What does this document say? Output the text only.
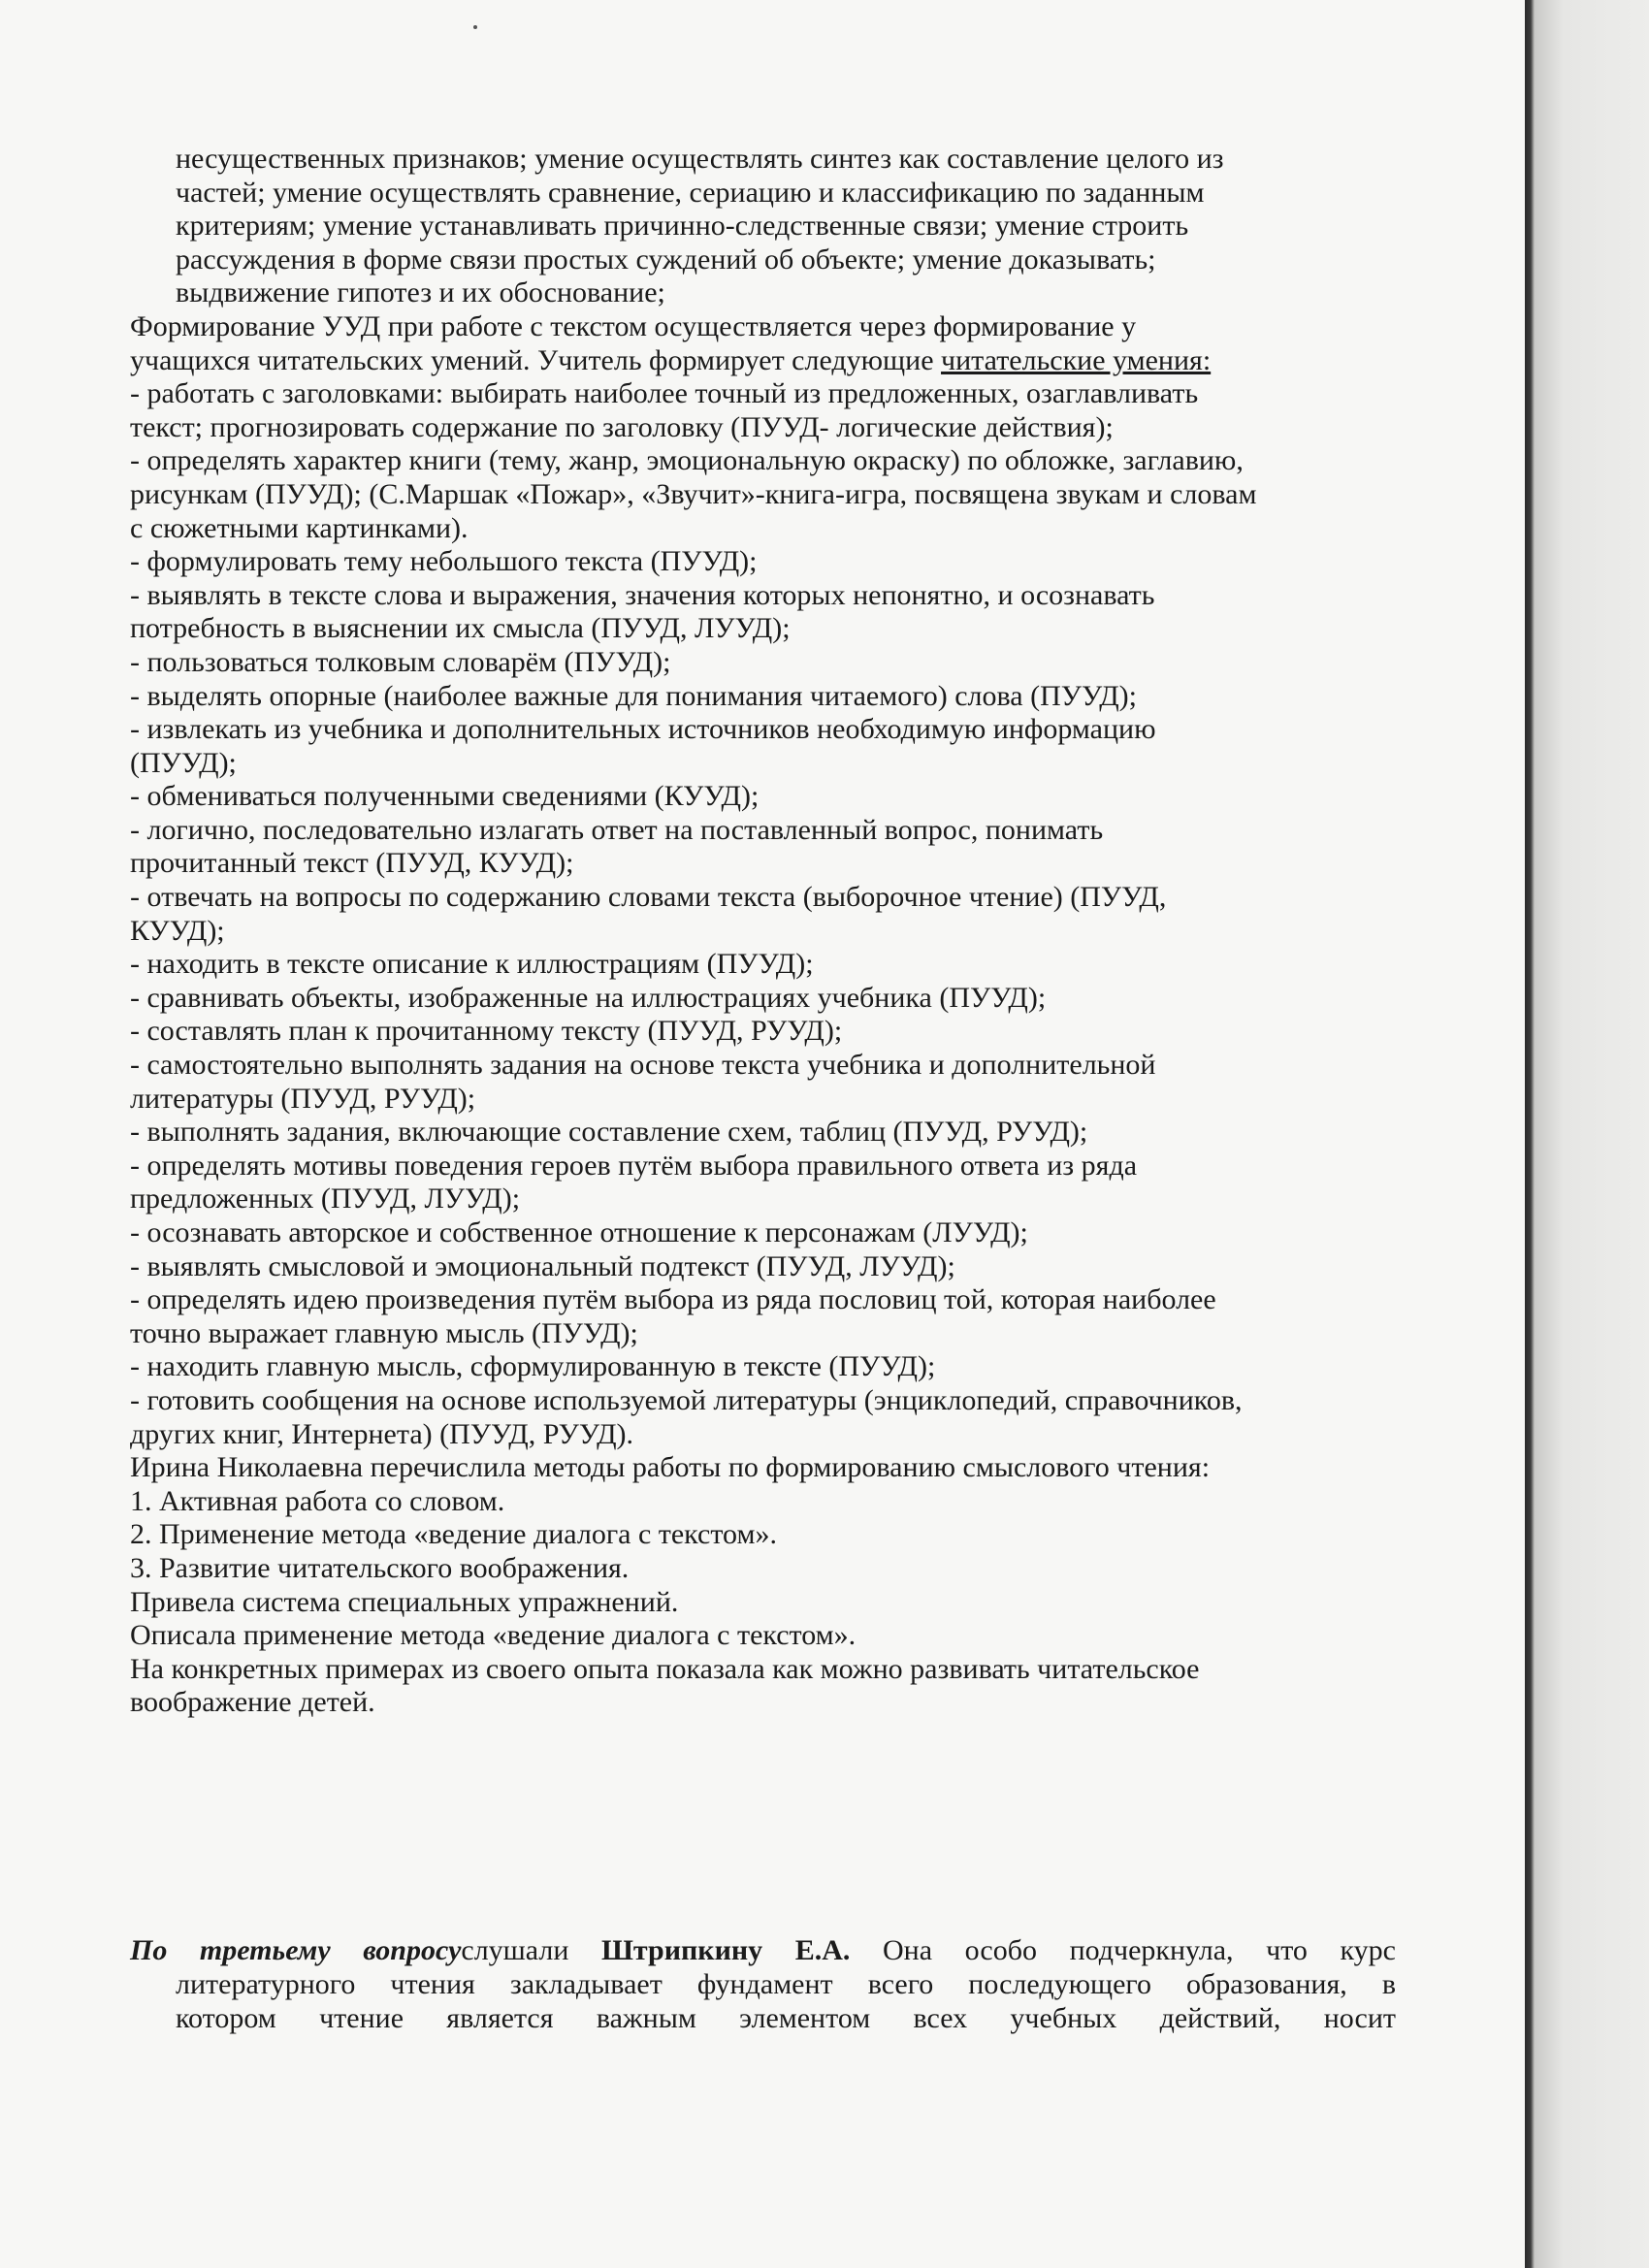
несущественных признаков; умение осуществлять синтез как составление целого из
частей; умение осуществлять сравнение, сериацию и классификацию по заданным
критериям; умение устанавливать причинно-следственные связи; умение строить
рассуждения в форме связи простых суждений об объекте; умение доказывать;
выдвижение гипотез и их обоснование;
Формирование УУД при работе с текстом осуществляется через формирование у
учащихся читательских умений. Учитель формирует следующие читательские умения:
- работать с заголовками: выбирать наиболее точный из предложенных, озаглавливать
текст; прогнозировать содержание по заголовку (ПУУД- логические действия);
- определять характер книги (тему, жанр, эмоциональную окраску) по обложке, заглавию,
рисункам (ПУУД); (С.Маршак «Пожар», «Звучит»-книга-игра, посвящена звукам и словам
с сюжетными картинками).
- формулировать тему небольшого текста (ПУУД);
- выявлять в тексте слова и выражения, значения которых непонятно, и осознавать
потребность в выяснении их смысла (ПУУД, ЛУУД);
- пользоваться толковым словарём (ПУУД);
- выделять опорные (наиболее важные для понимания читаемого) слова (ПУУД);
- извлекать из учебника и дополнительных источников необходимую информацию
(ПУУД);
- обмениваться полученными сведениями (КУУД);
- логично, последовательно излагать ответ на поставленный вопрос, понимать
прочитанный текст (ПУУД, КУУД);
- отвечать на вопросы по содержанию словами текста (выборочное чтение) (ПУУД,
КУУД);
- находить в тексте описание к иллюстрациям (ПУУД);
- сравнивать объекты, изображенные на иллюстрациях учебника (ПУУД);
- составлять план к прочитанному тексту (ПУУД, РУУД);
- самостоятельно выполнять задания на основе текста учебника и дополнительной
литературы (ПУУД, РУУД);
- выполнять задания, включающие составление схем, таблиц (ПУУД, РУУД);
- определять мотивы поведения героев путём выбора правильного ответа из ряда
предложенных (ПУУД, ЛУУД);
- осознавать авторское и собственное отношение к персонажам (ЛУУД);
- выявлять смысловой и эмоциональный подтекст (ПУУД, ЛУУД);
- определять идею произведения путём выбора из ряда пословиц той, которая наиболее
точно выражает главную мысль (ПУУД);
- находить главную мысль, сформулированную в тексте (ПУУД);
- готовить сообщения на основе используемой литературы (энциклопедий, справочников,
других книг, Интернета) (ПУУД, РУУД).
Ирина Николаевна перечислила методы работы по формированию смыслового чтения:
1. Активная работа со словом.
2. Применение метода «ведение диалога с текстом».
3. Развитие читательского воображения.
Привела система специальных упражнений.
Описала применение метода «ведение диалога с текстом».
На конкретных примерах из своего опыта показала как можно развивать читательское
воображение детей.
По третьему вопросуслушали Штрипкину Е.А. Она особо подчеркнула, что курс
литературного чтения закладывает фундамент всего последующего образования, в
котором чтение является важным элементом всех учебных действий, носит
